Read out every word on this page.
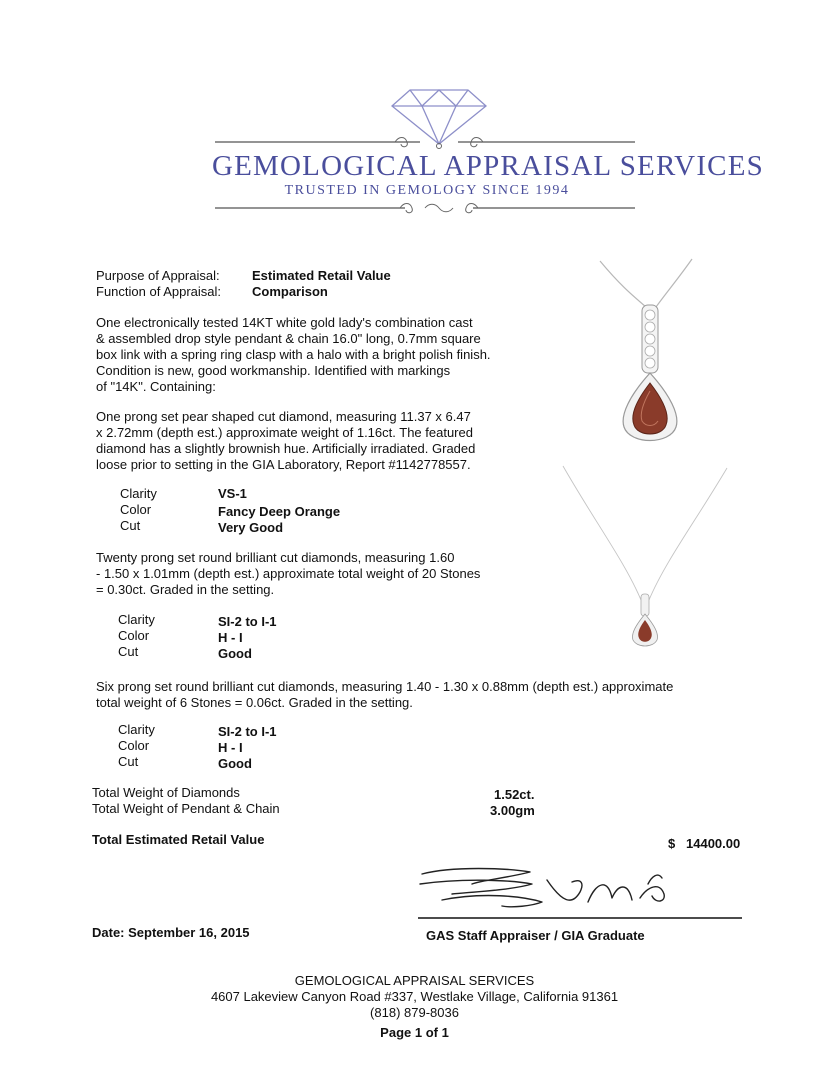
GEMOLOGICAL APPRAISAL SERVICES
TRUSTED IN GEMOLOGY SINCE 1994
Purpose of Appraisal: Estimated Retail Value
Function of Appraisal: Comparison
One electronically tested 14KT white gold lady's combination cast
& assembled drop style pendant & chain 16.0" long, 0.7mm square
box link with a spring ring clasp with a halo with a bright polish finish.
Condition is new, good workmanship. Identified with markings
of "14K". Containing:
One prong set pear shaped cut diamond, measuring 11.37 x 6.47
x 2.72mm (depth est.) approximate weight of 1.16ct. The featured
diamond has a slightly brownish hue. Artificially irradiated. Graded
loose prior to setting in the GIA Laboratory, Report #1142778557.
Clarity	VS-1
Color	Fancy Deep Orange
Cut	Very Good
Twenty prong set round brilliant cut diamonds, measuring 1.60
- 1.50 x 1.01mm (depth est.) approximate total weight of 20 Stones
= 0.30ct. Graded in the setting.
Clarity	SI-2 to I-1
Color	H - I
Cut	Good
Six prong set round brilliant cut diamonds, measuring 1.40 - 1.30 x 0.88mm (depth est.) approximate
total weight of 6 Stones = 0.06ct. Graded in the setting.
Clarity	SI-2 to I-1
Color	H - I
Cut	Good
Total Weight of Diamonds	1.52ct.
Total Weight of Pendant & Chain	3.00gm
Total Estimated Retail Value	$ 14400.00
Date: September 16, 2015	GAS Staff Appraiser / GIA Graduate
GEMOLOGICAL APPRAISAL SERVICES
4607 Lakeview Canyon Road #337, Westlake Village, California 91361
(818) 879-8036
Page 1 of 1
